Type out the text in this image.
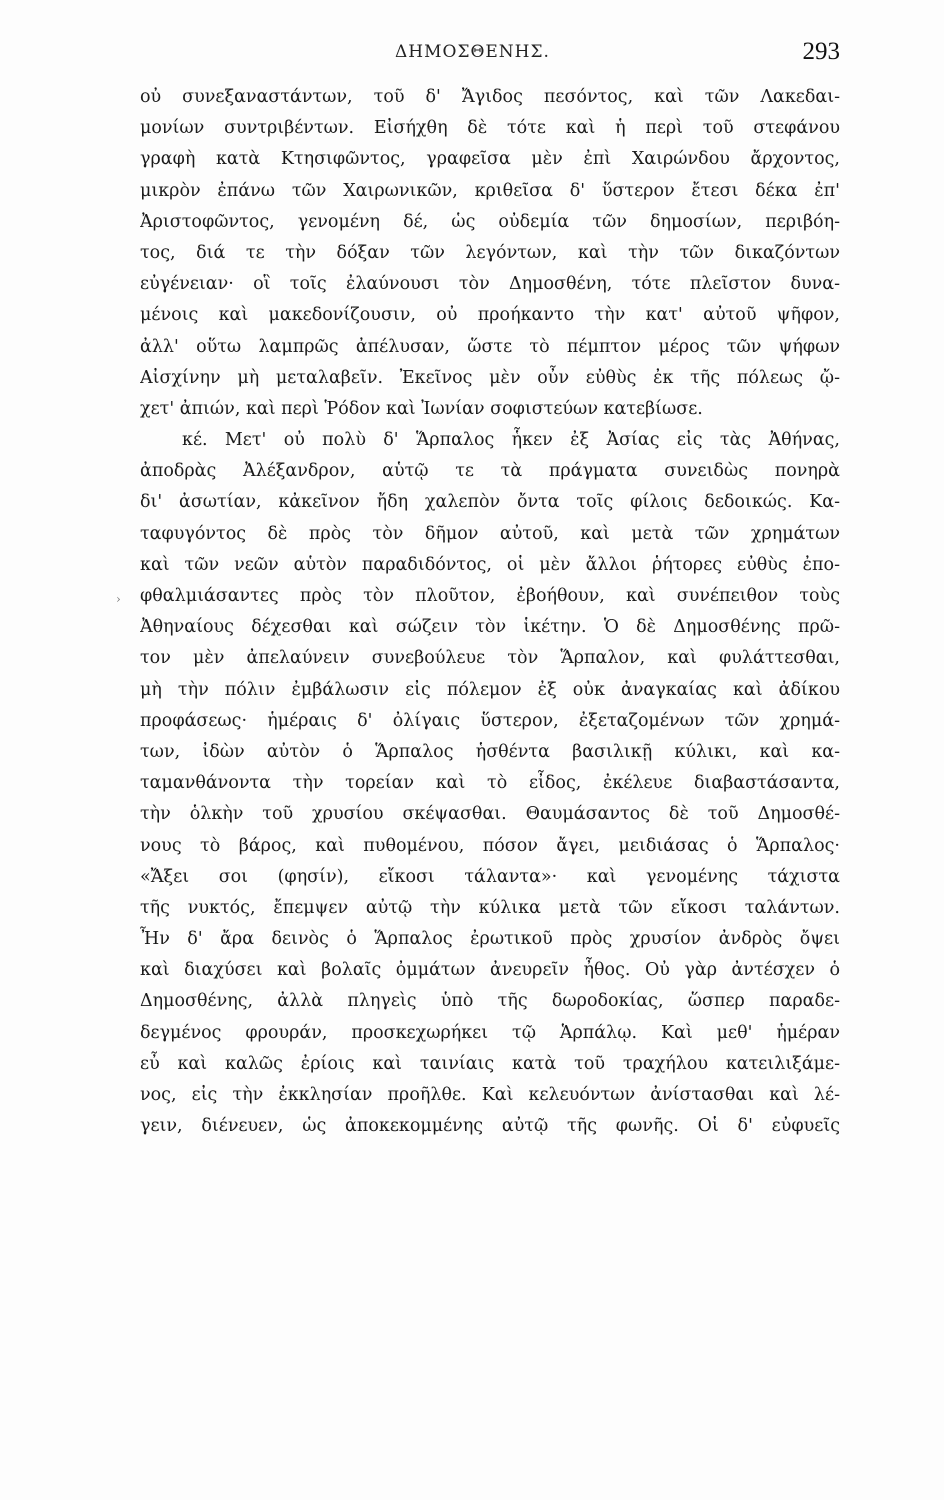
ΔΗΜΟΣΘΕΝΗΣ.	293
›
οὐ συνεξαναστάντων, τοῦ δ' Ἄγιδος πεσόντος, καὶ τῶν Λακεδαι-
μονίων συντριβέντων. Εἰσήχθη δὲ τότε καὶ ἡ περὶ τοῦ στεφάνου
γραφὴ κατὰ Κτησιφῶντος, γραφεῖσα μὲν ἐπὶ Χαιρώνδου ἄρχοντος,
μικρὸν ἐπάνω τῶν Χαιρωνικῶν, κριθεῖσα δ' ὕστερον ἔτεσι δέκα ἐπ'
Ἀριστοφῶντος, γενομένη δέ, ὡς οὐδεμία τῶν δημοσίων, περιβόη-
τος, διά τε τὴν δόξαν τῶν λεγόντων, καὶ τὴν τῶν δικαζόντων
εὐγένειαν· οἳ τοῖς ἐλαύνουσι τὸν Δημοσθένη, τότε πλεῖστον δυνα-
μένοις καὶ μακεδονίζουσιν, οὐ προήκαντο τὴν κατ' αὐτοῦ ψῆφον,
ἀλλ' οὕτω λαμπρῶς ἀπέλυσαν, ὥστε τὸ πέμπτον μέρος τῶν ψήφων
Αἰσχίνην μὴ μεταλαβεῖν. Ἐκεῖνος μὲν οὖν εὐθὺς ἐκ τῆς πόλεως ᾤ-
χετ' ἀπιών, καὶ περὶ Ῥόδον καὶ Ἰωνίαν σοφιστεύων κατεβίωσε.
κέ. Μετ' οὐ πολὺ δ' Ἅρπαλος ἧκεν ἐξ Ἀσίας εἰς τὰς Ἀθήνας,
ἀποδρὰς Ἀλέξανδρον, αὑτῷ τε τὰ πράγματα συνειδὼς πονηρὰ
δι' ἀσωτίαν, κἀκεῖνον ἤδη χαλεπὸν ὄντα τοῖς φίλοις δεδοικώς. Κα-
ταφυγόντος δὲ πρὸς τὸν δῆμον αὐτοῦ, καὶ μετὰ τῶν χρημάτων
καὶ τῶν νεῶν αὑτὸν παραδιδόντος, οἱ μὲν ἄλλοι ῥήτορες εὐθὺς ἐπο-
φθαλμιάσαντες πρὸς τὸν πλοῦτον, ἐβοήθουν, καὶ συνέπειθον τοὺς
Ἀθηναίους δέχεσθαι καὶ σώζειν τὸν ἱκέτην. Ὁ δὲ Δημοσθένης πρῶ-
τον μὲν ἀπελαύνειν συνεβούλευε τὸν Ἅρπαλον, καὶ φυλάττεσθαι,
μὴ τὴν πόλιν ἐμβάλωσιν εἰς πόλεμον ἐξ οὐκ ἀναγκαίας καὶ ἀδίκου
προφάσεως· ἡμέραις δ' ὀλίγαις ὕστερον, ἐξεταζομένων τῶν χρημά-
των, ἰδὼν αὐτὸν ὁ Ἅρπαλος ἡσθέντα βασιλικῇ κύλικι, καὶ κα-
ταμανθάνοντα τὴν τορείαν καὶ τὸ εἶδος, ἐκέλευε διαβαστάσαντα,
τὴν ὁλκὴν τοῦ χρυσίου σκέψασθαι. Θαυμάσαντος δὲ τοῦ Δημοσθέ-
νους τὸ βάρος, καὶ πυθομένου, πόσον ἄγει, μειδιάσας ὁ Ἅρπαλος·
«Ἄξει σοι (φησίν), εἴκοσι τάλαντα»· καὶ γενομένης τάχιστα
τῆς νυκτός, ἔπεμψεν αὐτῷ τὴν κύλικα μετὰ τῶν εἴκοσι ταλάντων.
Ἦν δ' ἄρα δεινὸς ὁ Ἅρπαλος ἐρωτικοῦ πρὸς χρυσίον ἀνδρὸς ὄψει
καὶ διαχύσει καὶ βολαῖς ὀμμάτων ἀνευρεῖν ἦθος. Οὐ γὰρ ἀντέσχεν ὁ
Δημοσθένης, ἀλλὰ πληγεὶς ὑπὸ τῆς δωροδοκίας, ὥσπερ παραδε-
δεγμένος φρουράν, προσκεχωρήκει τῷ Ἁρπάλῳ. Καὶ μεθ' ἡμέραν
εὖ καὶ καλῶς ἐρίοις καὶ ταινίαις κατὰ τοῦ τραχήλου κατειλιξάμε-
νος, εἰς τὴν ἐκκλησίαν προῆλθε. Καὶ κελευόντων ἀνίστασθαι καὶ λέ-
γειν, διένευεν, ὡς ἀποκεκομμένης αὐτῷ τῆς φωνῆς. Οἱ δ' εὐφυεῖς
